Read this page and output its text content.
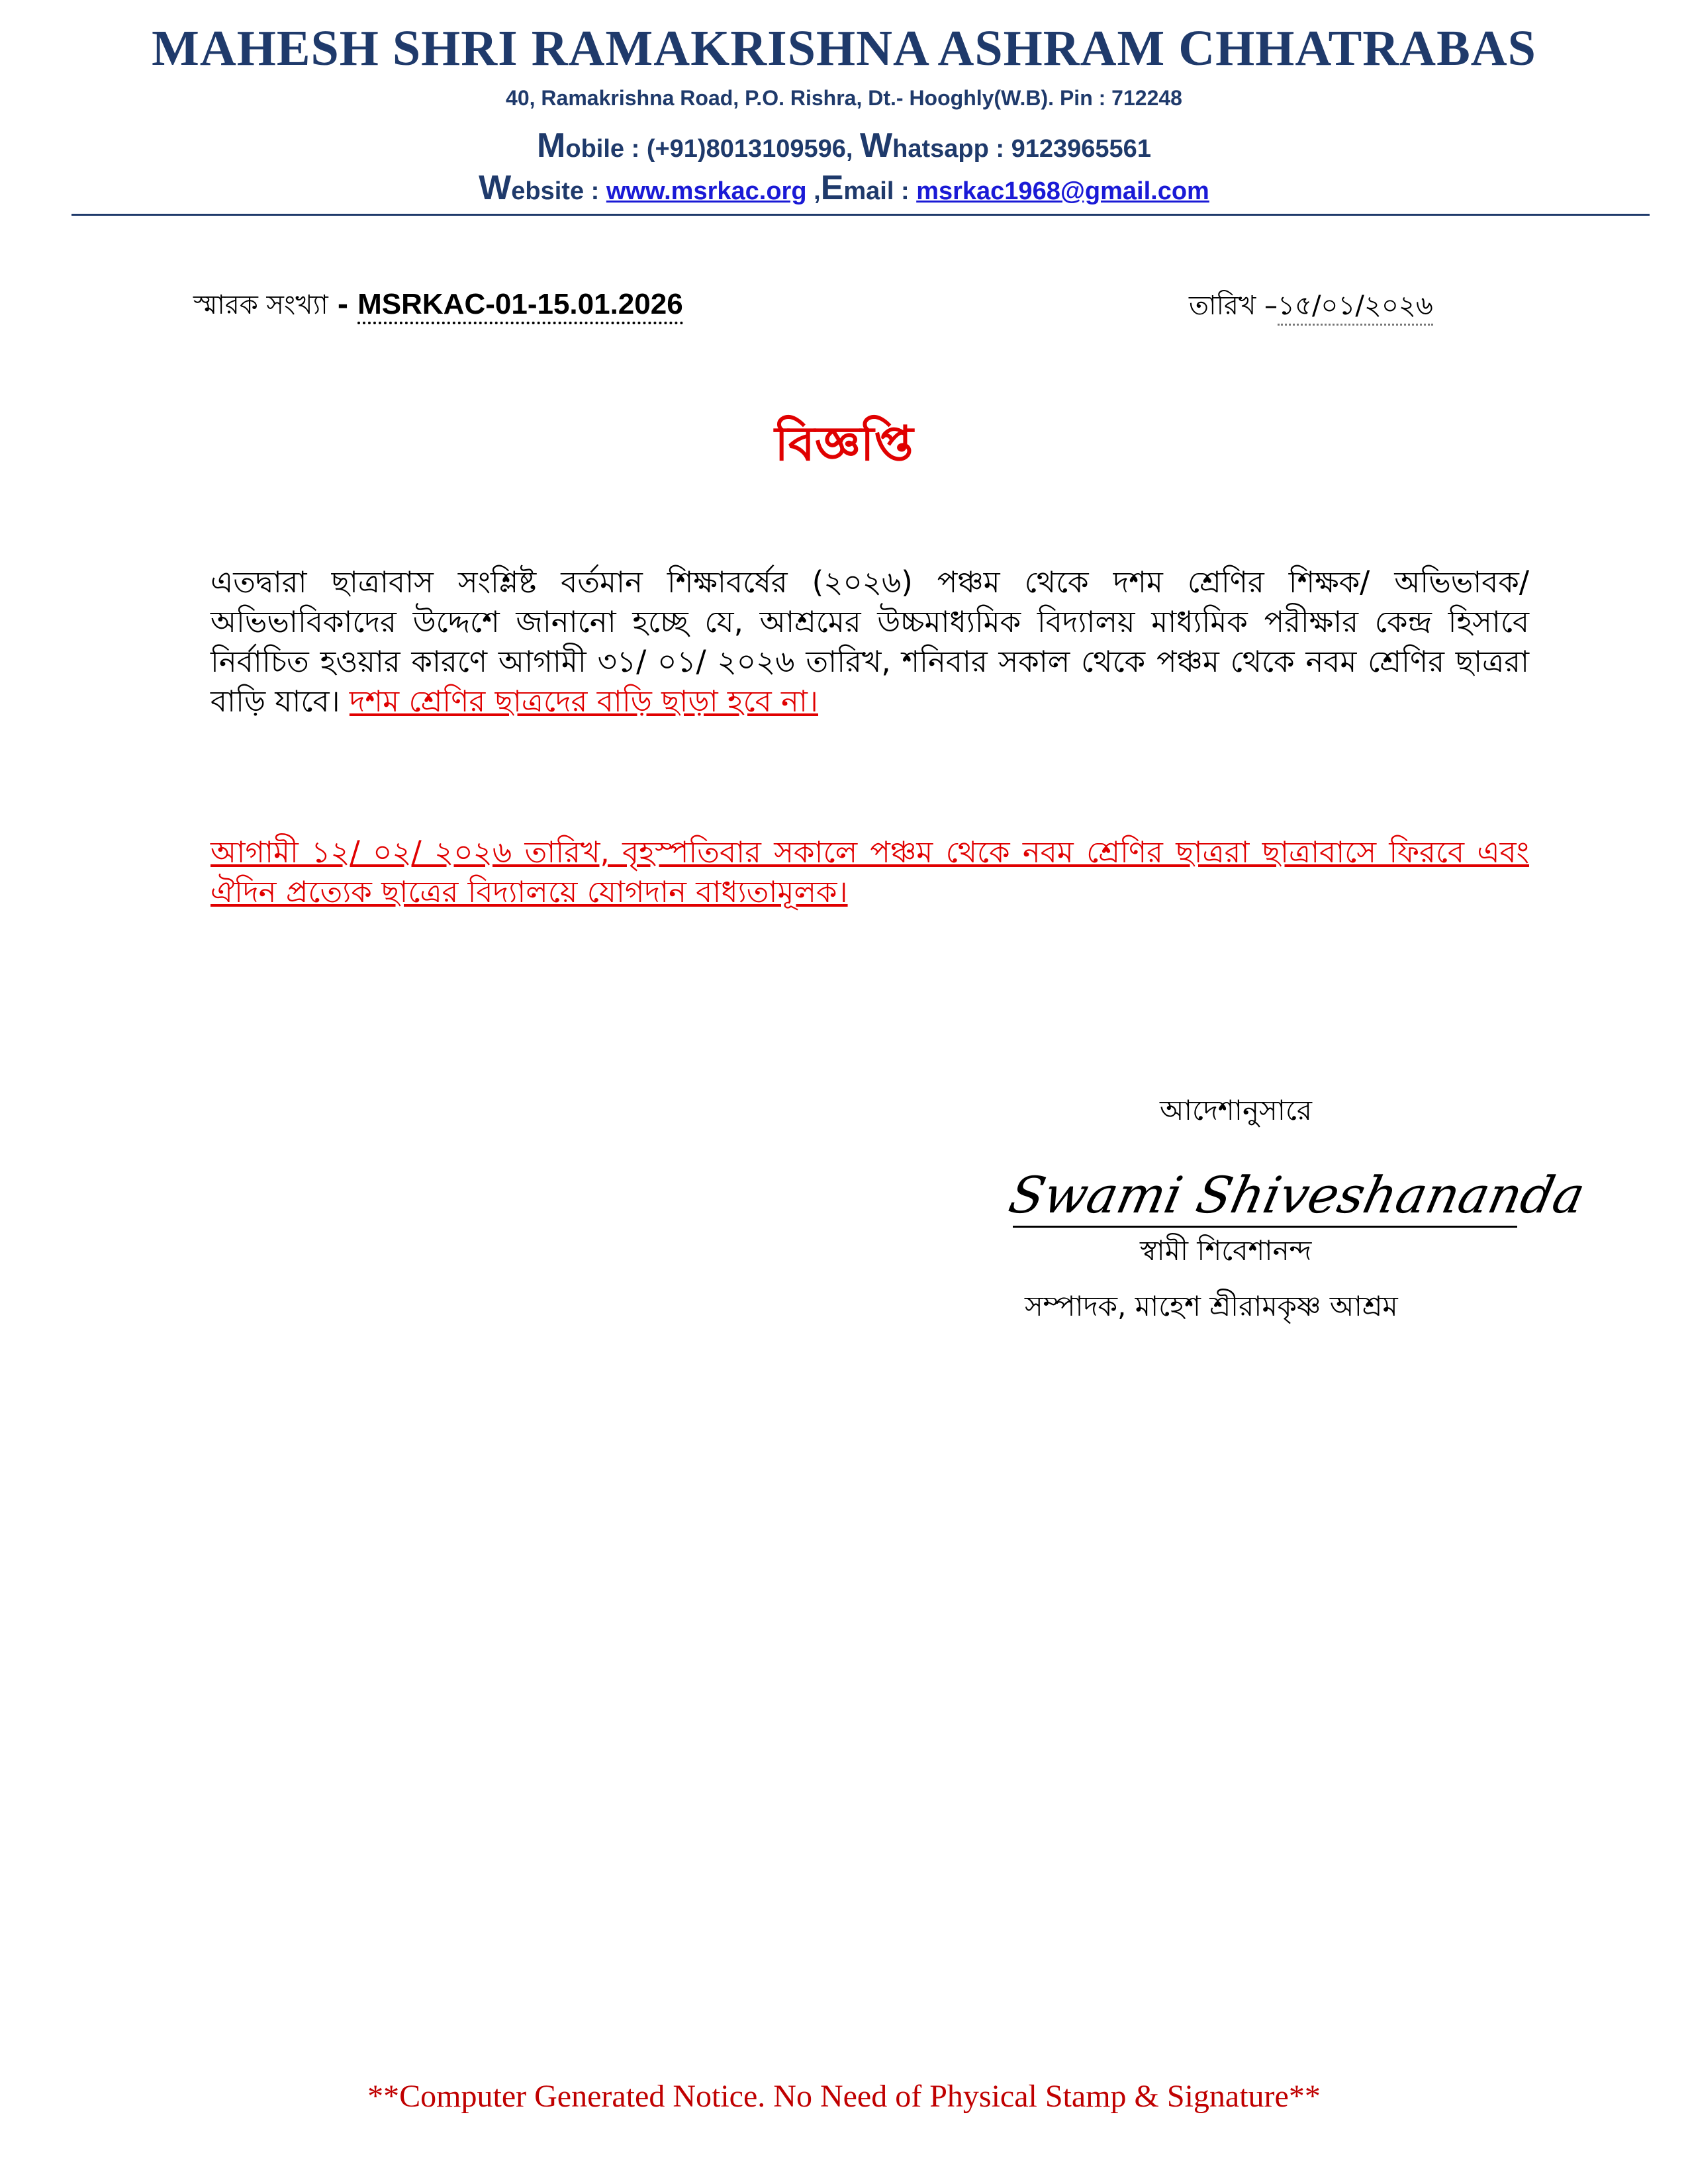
MAHESH SHRI RAMAKRISHNA ASHRAM CHHATRABAS
40, Ramakrishna Road, P.O. Rishra, Dt.- Hooghly(W.B). Pin : 712248
Mobile : (+91)8013109596, Whatsapp : 9123965561
Website : www.msrkac.org ,Email : msrkac1968@gmail.com
স্মারক সংখ্যা - MSRKAC-01-15.01.2026	তারিখ –১৫/০১/২০২৬
বিজ্ঞপ্তি
এতদ্বারা ছাত্রাবাস সংশ্লিষ্ট বর্তমান শিক্ষাবর্ষের (২০২৬) পঞ্চম থেকে দশম শ্রেণির শিক্ষক/ অভিভাবক/ অভিভাবিকাদের উদ্দেশে জানানো হচ্ছে যে, আশ্রমের উচ্চমাধ্যমিক বিদ্যালয় মাধ্যমিক পরীক্ষার কেন্দ্র হিসাবে নির্বাচিত হওয়ার কারণে আগামী ৩১/ ০১/ ২০২৬ তারিখ, শনিবার সকাল থেকে পঞ্চম থেকে নবম শ্রেণির ছাত্ররা বাড়ি যাবে। দশম শ্রেণির ছাত্রদের বাড়ি ছাড়া হবে না।
আগামী ১২/ ০২/ ২০২৬ তারিখ, বৃহস্পতিবার সকালে পঞ্চম থেকে নবম শ্রেণির ছাত্ররা ছাত্রাবাসে ফিরবে এবং ঐদিন প্রত্যেক ছাত্রের বিদ্যালয়ে যোগদান বাধ্যতামূলক।
আদেশানুসারে
Swami Shiveshananda
স্বামী শিবেশানন্দ
সম্পাদক, মাহেশ শ্রীরামকৃষ্ণ আশ্রম
**Computer Generated Notice. No Need of Physical Stamp & Signature**
